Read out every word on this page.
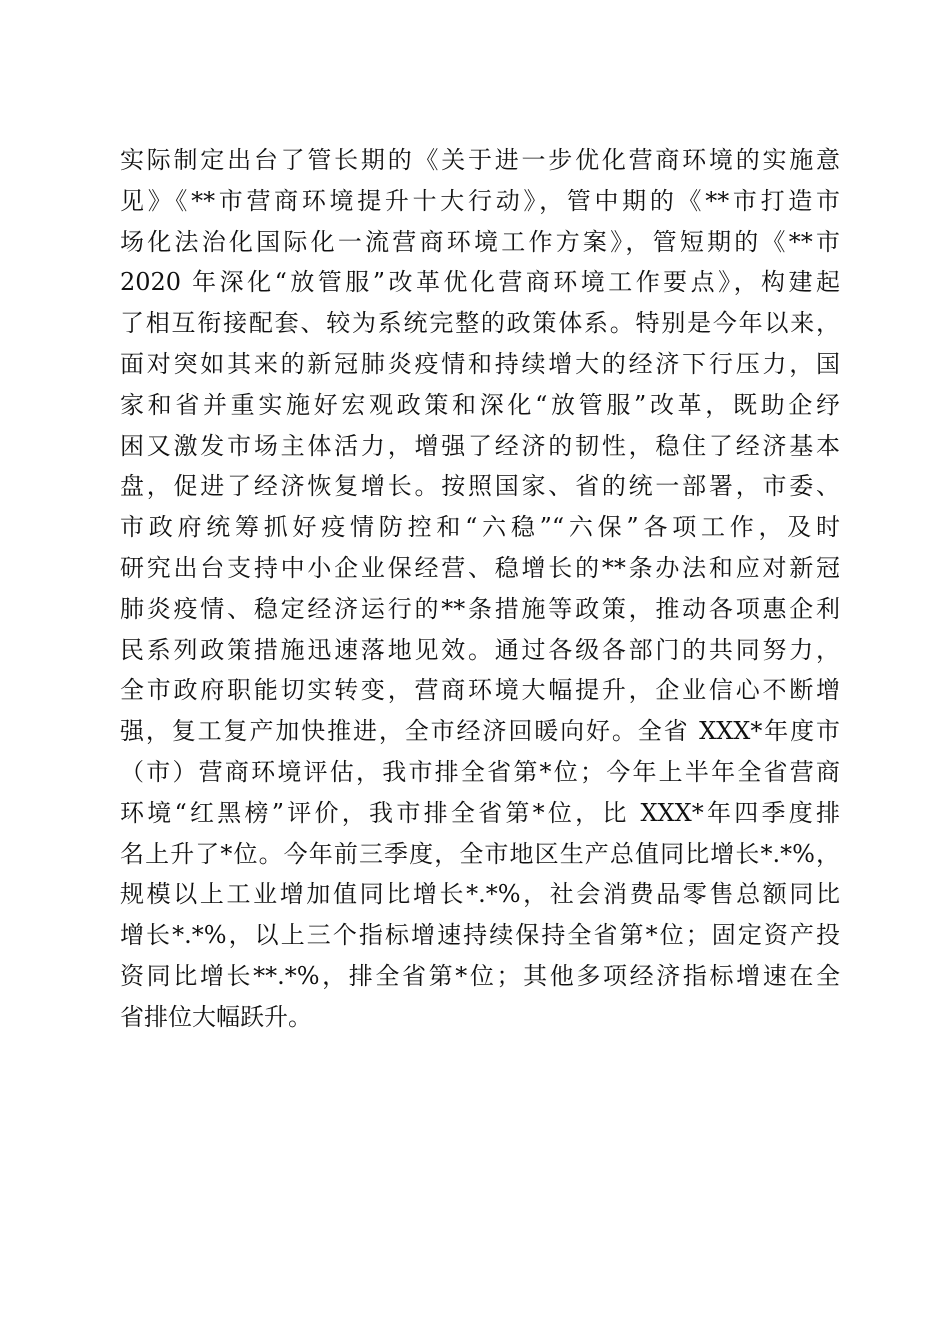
实际制定出台了管长期的《关于进一步优化营商环境的实施意
见》《**市营商环境提升十大行动》，管中期的《**市打造市
场化法治化国际化一流营商环境工作方案》，管短期的《**市
2020 年深化“放管服”改革优化营商环境工作要点》，构建起
了相互衔接配套、较为系统完整的政策体系。特别是今年以来，
面对突如其来的新冠肺炎疫情和持续增大的经济下行压力，国
家和省并重实施好宏观政策和深化“放管服”改革，既助企纾
困又激发市场主体活力，增强了经济的韧性，稳住了经济基本
盘，促进了经济恢复增长。按照国家、省的统一部署，市委、
市政府统筹抓好疫情防控和“六稳”“六保”各项工作，及时
研究出台支持中小企业保经营、稳增长的**条办法和应对新冠
肺炎疫情、稳定经济运行的**条措施等政策，推动各项惠企利
民系列政策措施迅速落地见效。通过各级各部门的共同努力，
全市政府职能切实转变，营商环境大幅提升，企业信心不断增
强，复工复产加快推进，全市经济回暖向好。全省 XXX*年度市
（市）营商环境评估，我市排全省第*位；今年上半年全省营商
环境“红黑榜”评价，我市排全省第*位，比 XXX*年四季度排
名上升了*位。今年前三季度，全市地区生产总值同比增长*.*%，
规模以上工业增加值同比增长*.*%，社会消费品零售总额同比
增长*.*%，以上三个指标增速持续保持全省第*位；固定资产投
资同比增长**.*%，排全省第*位；其他多项经济指标增速在全
省排位大幅跃升。
